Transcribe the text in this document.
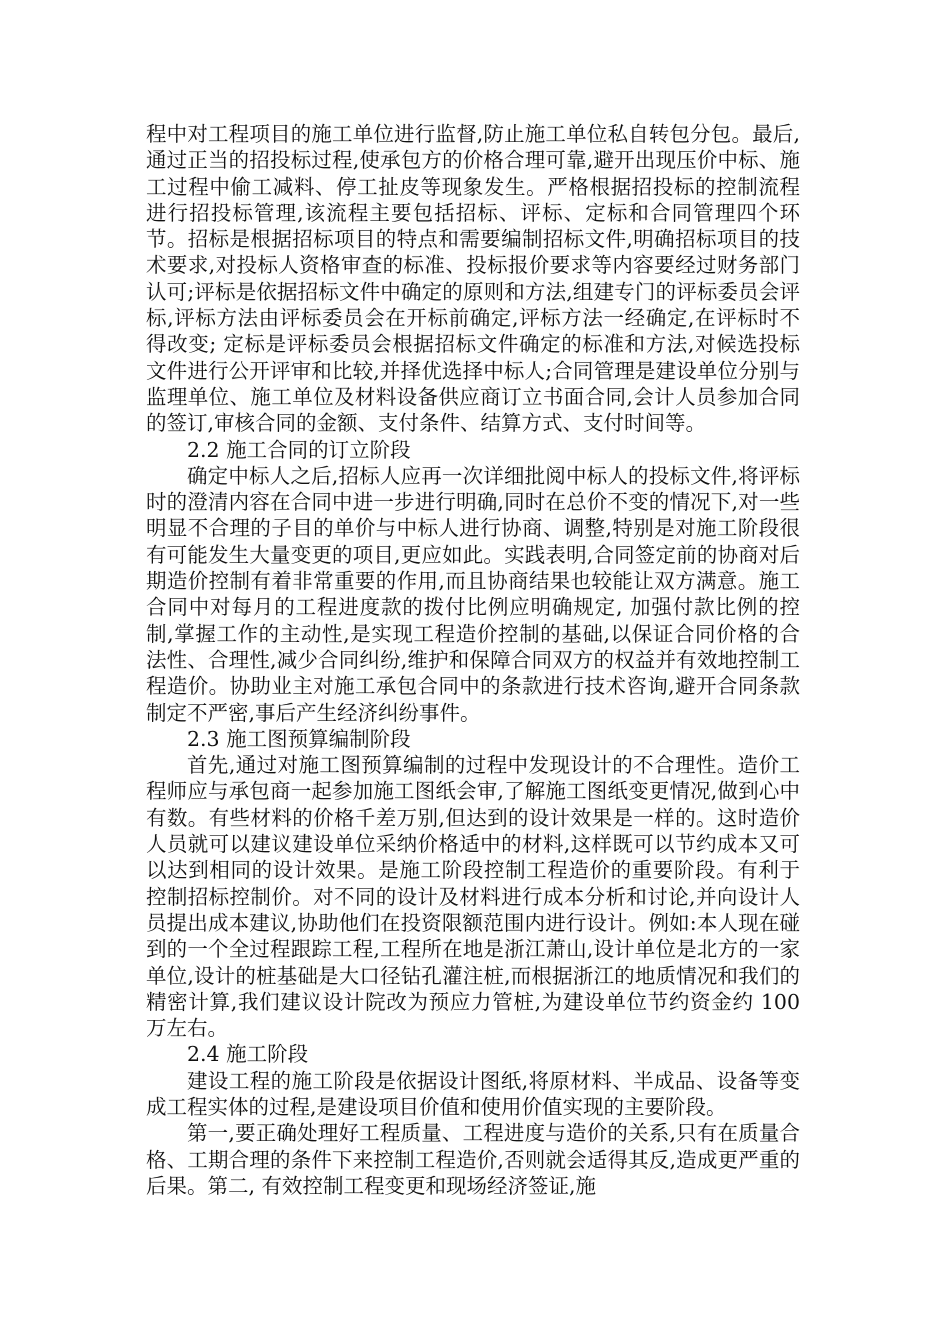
程中对工程项目的施工单位进行监督,防止施工单位私自转包分包。最后,通过正当的招投标过程,使承包方的价格合理可靠,避开出现压价中标、施工过程中偷工减料、停工扯皮等现象发生。严格根据招投标的控制流程进行招投标管理,该流程主要包括招标、评标、定标和合同管理四个环节。招标是根据招标项目的特点和需要编制招标文件,明确招标项目的技术要求,对投标人资格审查的标准、投标报价要求等内容要经过财务部门认可;评标是依据招标文件中确定的原则和方法,组建专门的评标委员会评标,评标方法由评标委员会在开标前确定,评标方法一经确定,在评标时不得改变; 定标是评标委员会根据招标文件确定的标准和方法,对候选投标文件进行公开评审和比较,并择优选择中标人;合同管理是建设单位分别与监理单位、施工单位及材料设备供应商订立书面合同,会计人员参加合同的签订,审核合同的金额、支付条件、结算方式、支付时间等。

2.2 施工合同的订立阶段

确定中标人之后,招标人应再一次详细批阅中标人的投标文件,将评标时的澄清内容在合同中进一步进行明确,同时在总价不变的情况下,对一些明显不合理的子目的单价与中标人进行协商、调整,特别是对施工阶段很有可能发生大量变更的项目,更应如此。实践表明,合同签定前的协商对后期造价控制有着非常重要的作用,而且协商结果也较能让双方满意。施工合同中对每月的工程进度款的拨付比例应明确规定, 加强付款比例的控制,掌握工作的主动性,是实现工程造价控制的基础,以保证合同价格的合法性、合理性,减少合同纠纷,维护和保障合同双方的权益并有效地控制工程造价。协助业主对施工承包合同中的条款进行技术咨询,避开合同条款制定不严密,事后产生经济纠纷事件。

2.3 施工图预算编制阶段

首先,通过对施工图预算编制的过程中发现设计的不合理性。造价工程师应与承包商一起参加施工图纸会审,了解施工图纸变更情况,做到心中有数。有些材料的价格千差万别,但达到的设计效果是一样的。这时造价人员就可以建议建设单位采纳价格适中的材料,这样既可以节约成本又可以达到相同的设计效果。是施工阶段控制工程造价的重要阶段。有利于控制招标控制价。对不同的设计及材料进行成本分析和讨论,并向设计人员提出成本建议,协助他们在投资限额范围内进行设计。例如:本人现在碰到的一个全过程跟踪工程,工程所在地是浙江萧山,设计单位是北方的一家单位,设计的桩基础是大口径钻孔灌注桩,而根据浙江的地质情况和我们的精密计算,我们建议设计院改为预应力管桩,为建设单位节约资金约 100 万左右。

2.4 施工阶段

建设工程的施工阶段是依据设计图纸,将原材料、半成品、设备等变成工程实体的过程,是建设项目价值和使用价值实现的主要阶段。

第一,要正确处理好工程质量、工程进度与造价的关系,只有在质量合格、工期合理的条件下来控制工程造价,否则就会适得其反,造成更严重的后果。第二, 有效控制工程变更和现场经济签证,施
